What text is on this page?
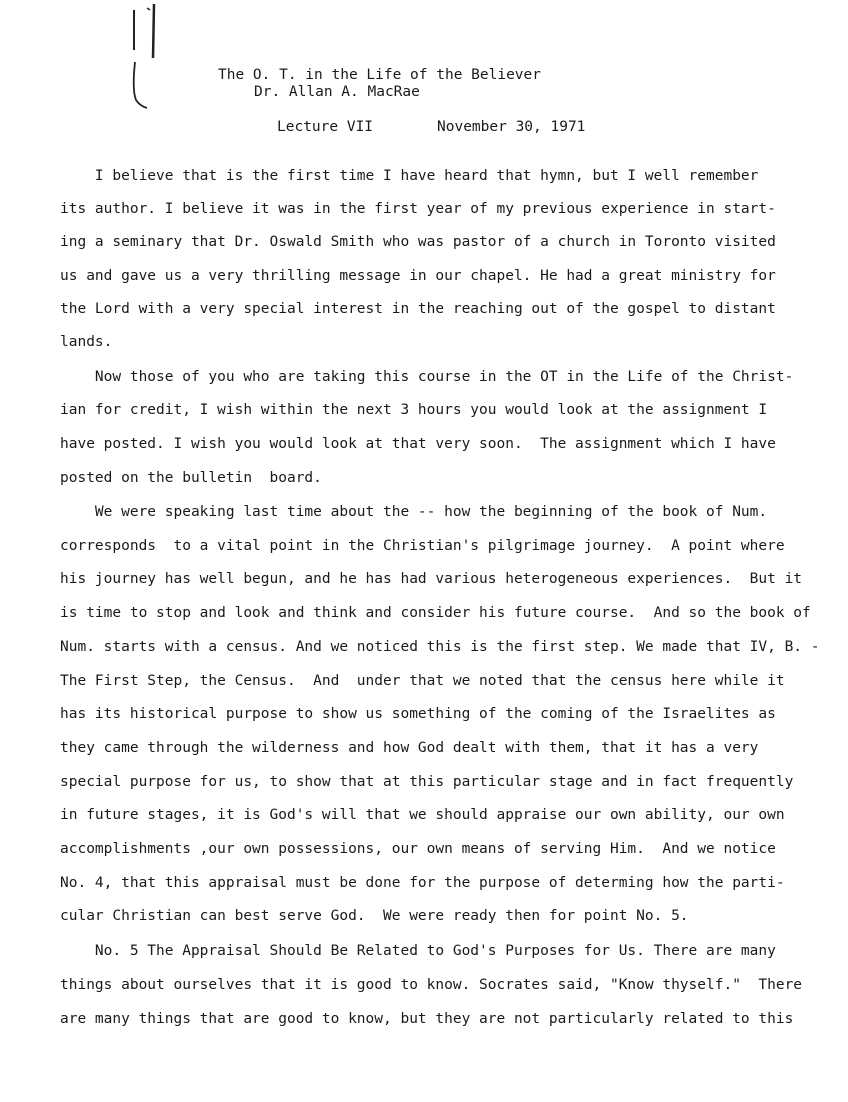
The O. T. in the Life of the Believer
Dr. Allan A. MacRae
Lecture VII	November 30, 1971
I believe that is the first time I have heard that hymn, but I well remember
its author. I believe it was in the first year of my previous experience in start-
ing a seminary that Dr. Oswald Smith who was pastor of a church in Toronto visited
us and gave us a very thrilling message in our chapel. He had a great ministry for
the Lord with a very special interest in the reaching out of the gospel to distant
lands.
Now those of you who are taking this course in the OT in the Life of the Christ-
ian for credit, I wish within the next 3 hours you would look at the assignment I
have posted. I wish you would look at that very soon.  The assignment which I have
posted on the bulletin  board.
We were speaking last time about the -- how the beginning of the book of Num.
corresponds  to a vital point in the Christian's pilgrimage journey.  A point where
his journey has well begun, and he has had various heterogeneous experiences.  But it
is time to stop and look and think and consider his future course.  And so the book of
Num. starts with a census. And we noticed this is the first step. We made that IV, B. -
The First Step, the Census.  And  under that we noted that the census here while it
has its historical purpose to show us something of the coming of the Israelites as
they came through the wilderness and how God dealt with them, that it has a very
special purpose for us, to show that at this particular stage and in fact frequently
in future stages, it is God's will that we should appraise our own ability, our own
accomplishments ,our own possessions, our own means of serving Him.  And we notice
No. 4, that this appraisal must be done for the purpose of determing how the parti-
cular Christian can best serve God.  We were ready then for point No. 5.
No. 5 The Appraisal Should Be Related to God's Purposes for Us. There are many
things about ourselves that it is good to know. Socrates said, "Know thyself."  There
are many things that are good to know, but they are not particularly related to this
